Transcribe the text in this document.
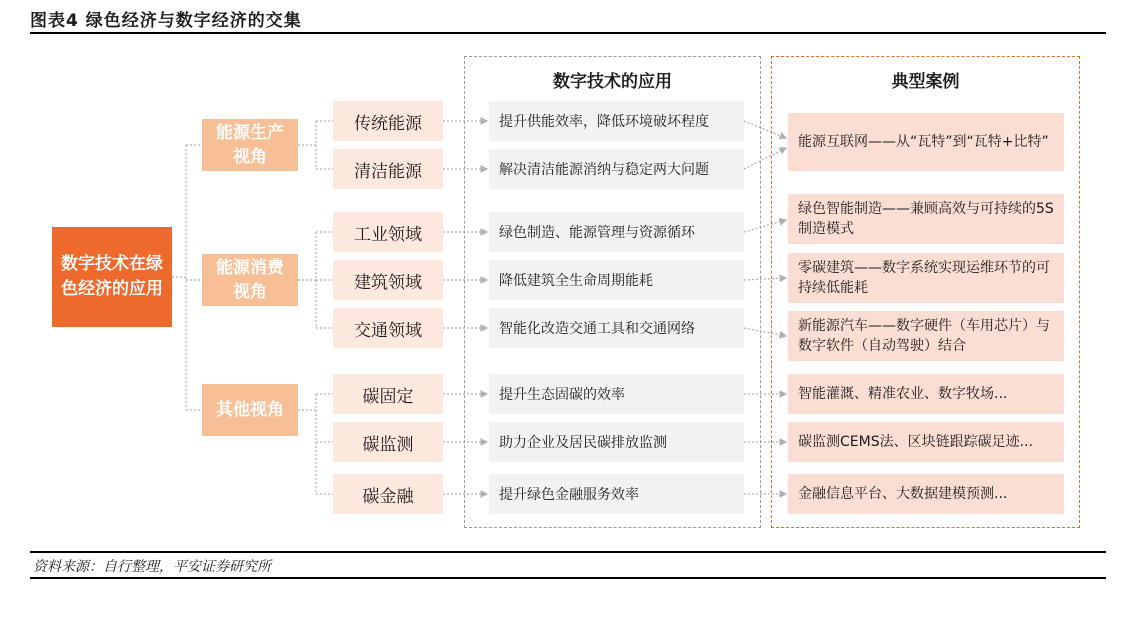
图表4 绿色经济与数字经济的交集
数字技术的应用	典型案例
数字技术在绿色经济的应用
能源生产视角
能源消费视角
其他视角
传统能源
清洁能源
工业领域
建筑领域
交通领域
碳固定
碳监测
碳金融
提升供能效率，降低环境破坏程度
解决清洁能源消纳与稳定两大问题
绿色制造、能源管理与资源循环
降低建筑全生命周期能耗
智能化改造交通工具和交通网络
提升生态固碳的效率
助力企业及居民碳排放监测
提升绿色金融服务效率
能源互联网——从“瓦特”到“瓦特+比特”
绿色智能制造——兼顾高效与可持续的5S制造模式
零碳建筑——数字系统实现运维环节的可持续低能耗
新能源汽车——数字硬件（车用芯片）与数字软件（自动驾驶）结合
智能灌溉、精准农业、数字牧场...
碳监测CEMS法、区块链跟踪碳足迹...
金融信息平台、大数据建模预测...
资料来源：自行整理，平安证券研究所
